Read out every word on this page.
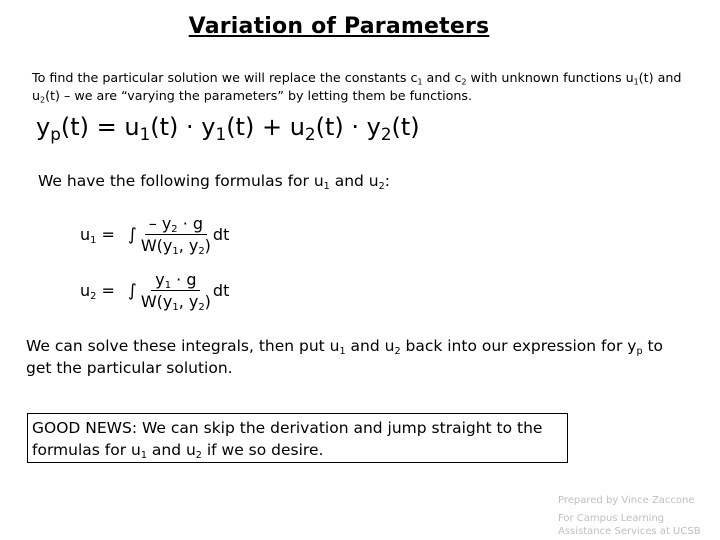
Variation of Parameters
To find the particular solution we will replace the constants $c_1$ and $c_2$ with unknown functions $u_1(t)$ and $u_2(t)$ – we are “varying the parameters” by letting them be functions.
$y_p(t) = u_1(t) \cdot y_1(t) + u_2(t) \cdot y_2(t)$
We have the following formulas for $u_1$ and $u_2$:
$u_1$ = ∫ $\frac{- y_2 \cdot g}{W(y_1, y_2)}$ dt
$u_2$ = ∫ $\frac{y_1 \cdot g}{W(y_1, y_2)}$ dt
We can solve these integrals, then put $u_1$ and $u_2$ back into our expression for $y_p$ to get the particular solution.
GOOD NEWS: We can skip the derivation and jump straight to the formulas for $u_1$ and $u_2$ if we so desire.
Prepared by Vince Zaccone
For Campus Learning
Assistance Services at UCSB
